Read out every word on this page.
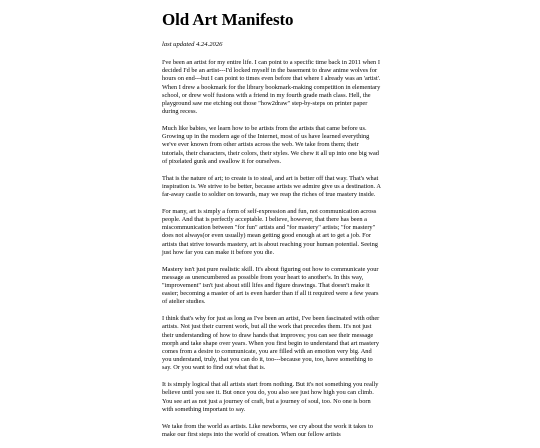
Old Art Manifesto
last updated 4.24.2026

I've been an artist for my entire life. I can point to a specific time back in 2011 when I decided I'd be an artist---I'd locked myself in the basement to draw anime wolves for hours on end---but I can point to times even before that where I already was an 'artist'. When I drew a bookmark for the library bookmark-making competition in elementary school, or drew wolf fusions with a friend in my fourth grade math class. Hell, the playground saw me etching out those "how2draw" step-by-steps on printer paper during recess.

Much like babies, we learn how to be artists from the artists that came before us. Growing up in the modern age of the Internet, most of us have learned everything we've ever known from other artists across the web. We take from them; their tutorials, their characters, their colors, their styles. We chew it all up into one big wad of pixelated gunk and swallow it for ourselves.

That is the nature of art; to create is to steal, and art is better off that way. That's what inspiration is. We strive to be better, because artists we admire give us a destination. A far-away castle to soldier on towards, may we reap the riches of true mastery inside.

For many, art is simply a form of self-expression and fun, not communication across people. And that is perfectly acceptable. I believe, however, that there has been a miscommunication between "for fun" artists and "for mastery" artists; "for mastery" does not always(or even usually) mean getting good enough at art to get a job. For artists that strive towards mastery, art is about reaching your human potential. Seeing just how far you can make it before you die.

Mastery isn't just pure realistic skill. It's about figuring out how to communicate your message as unencumbered as possible from your heart to another's. In this way, "improvement" isn't just about still lifes and figure drawings. That doesn't make it easier; becoming a master of art is even harder than if all it required were a few years of atelier studies.

I think that's why for just as long as I've been an artist, I've been fascinated with other artists. Not just their current work, but all the work that precedes them. It's not just their understanding of how to draw hands that improves; you can see their message morph and take shape over years. When you first begin to understand that art mastery comes from a desire to communicate, you are filled with an emotion very big. And you understand, truly, that you can do it, too---because you, too, have something to say. Or you want to find out what that is.

It is simply logical that all artists start from nothing. But it's not something you really believe until you see it. But once you do, you also see just how high you can climb. You see art as not just a journey of craft, but a journey of soul, too. No one is born with something important to say.

We take from the world as artists. Like newborns, we cry about the work it takes to make our first steps into the world of creation. When our fellow artists
